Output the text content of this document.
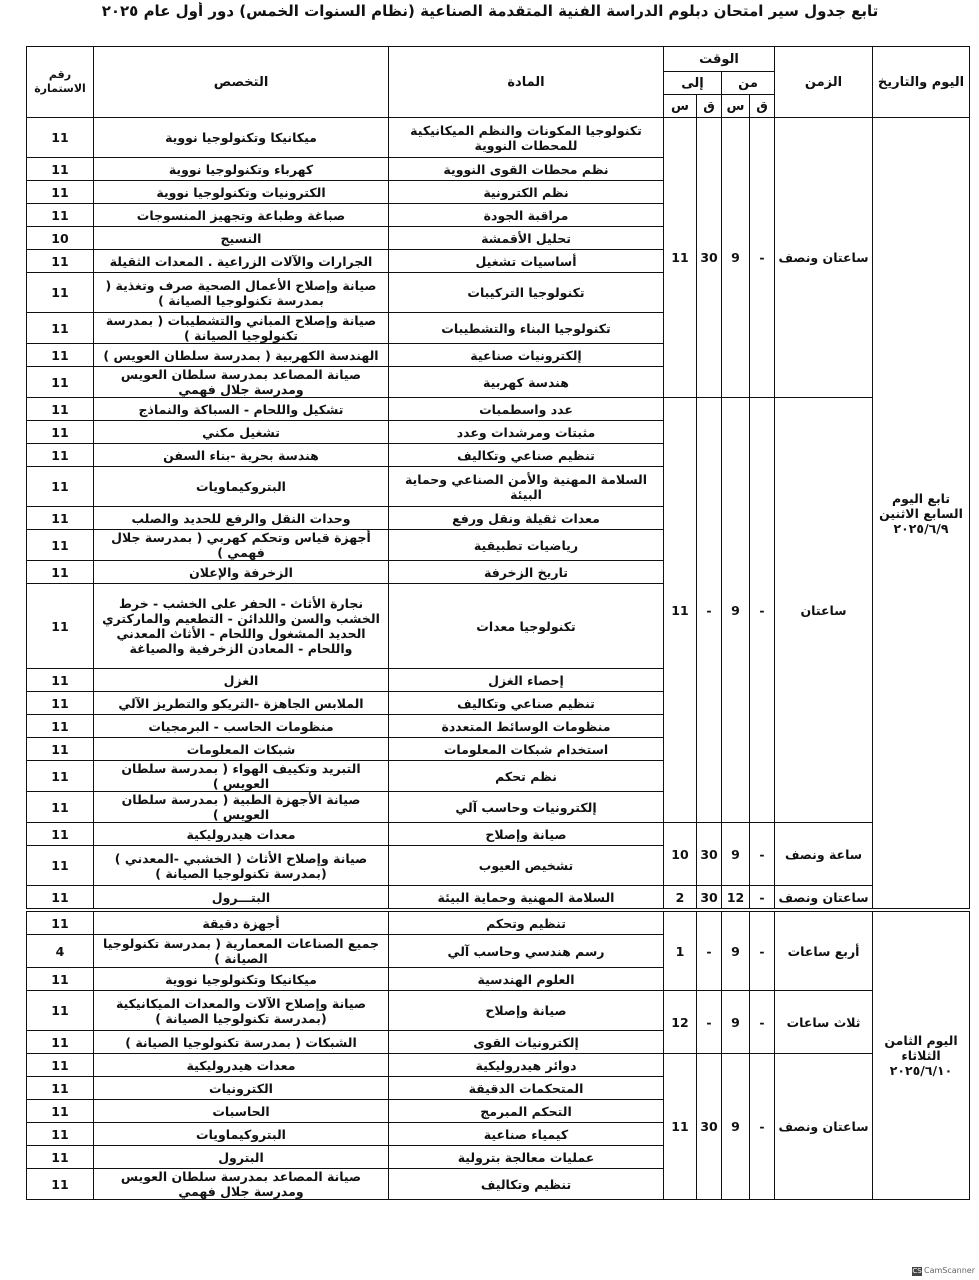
تابع جدول سير امتحان دبلوم الدراسة الفنية المتقدمة الصناعية (نظام السنوات الخمس) دور أول عام ٢٠٢٥
اليوم والتاريخ	الزمن	الوقت				المادة	التخصص	رقم الاستمارة
		من		إلى				
		ق	س	ق	س			
تابع اليوم السابع الاثنين ٢٠٢٥/٦/٩	ساعتان ونصف	-	9	30	11	تكنولوجيا المكونات والنظم الميكانيكية للمحطات النووية	ميكانيكا وتكنولوجيا نووية	11
						نظم محطات القوى النووية	كهرباء وتكنولوجيا نووية	11
						نظم الكترونية	الكترونيات وتكنولوجيا نووية	11
						مراقبة الجودة	صباغة وطباعة وتجهيز المنسوجات	11
						تحليل الأقمشة	النسيج	10
						أساسيات تشغيل	الجرارات والآلات الزراعية . المعدات الثقيلة	11
						تكنولوجيا التركيبات	صيانة وإصلاح الأعمال الصحية صرف وتغذية ( بمدرسة تكنولوجيا الصيانة )	11
						تكنولوجيا البناء والتشطيبات	صيانة وإصلاح المباني والتشطيبات ( بمدرسة تكنولوجيا الصيانة )	11
						إلكترونيات صناعية	الهندسة الكهربية ( بمدرسة سلطان العويس )	11
						هندسة كهربية	صيانة المصاعد بمدرسة سلطان العويس ومدرسة جلال فهمي	11
	ساعتان	-	9	-	11	عدد واسطمبات	تشكيل واللحام - السباكة والنماذج	11
						مثبتات ومرشدات وعدد	تشغيل مكني	11
						تنظيم صناعي وتكاليف	هندسة بحرية -بناء السفن	11
						السلامة المهنية والأمن الصناعي وحماية البيئة	البتروكيماويات	11
						معدات ثقيلة ونقل ورفع	وحدات النقل والرفع للحديد والصلب	11
						رياضيات تطبيقية	أجهزة قياس وتحكم كهربي ( بمدرسة جلال فهمي )	11
						تاريخ الزخرفة	الزخرفة والإعلان	11
						تكنولوجيا معدات	نجارة الأثاث - الحفر على الخشب - خرط الخشب والسن واللدائن - التطعيم والماركتري الحديد المشغول واللحام - الأثاث المعدني واللحام - المعادن الزخرفية والصياغة	11
						إحصاء الغزل	الغزل	11
						تنظيم صناعي وتكاليف	الملابس الجاهزة -التريكو والتطريز الآلي	11
						منظومات الوسائط المتعددة	منظومات الحاسب - البرمجيات	11
						استخدام شبكات المعلومات	شبكات المعلومات	11
						نظم تحكم	التبريد وتكييف الهواء ( بمدرسة سلطان العويس )	11
						إلكترونيات وحاسب آلي	صيانة الأجهزة الطبية ( بمدرسة سلطان العويس )	11
	ساعة ونصف	-	9	30	10	صيانة وإصلاح	معدات هيدروليكية	11
						تشخيص العيوب	صيانة وإصلاح الأثاث ( الخشبي -المعدني ) (بمدرسة تكنولوجيا الصيانة )	11
	ساعتان ونصف	-	12	30	2	السلامة المهنية وحماية البيئة	البتـــرول	11
اليوم الثامن الثلاثاء ٢٠٢٥/٦/١٠	أربع ساعات	-	9	-	1	تنظيم وتحكم	أجهزة دقيقة	11
						رسم هندسي وحاسب آلي	جميع الصناعات المعمارية ( بمدرسة تكنولوجيا الصيانة )	4
						العلوم الهندسية	ميكانيكا وتكنولوجيا نووية	11
	ثلاث ساعات	-	9	-	12	صيانة وإصلاح	صيانة وإصلاح الآلات والمعدات الميكانيكية (بمدرسة تكنولوجيا الصيانة )	11
						إلكترونيات القوى	الشبكات ( بمدرسة تكنولوجيا الصيانة )	11
	ساعتان ونصف	-	9	30	11	دوائر هيدروليكية	معدات هيدروليكية	11
						المتحكمات الدقيقة	الكترونيات	11
						التحكم المبرمج	الحاسبات	11
						كيمياء صناعية	البتروكيماويات	11
						عمليات معالجة بترولية	البترول	11
						تنظيم وتكاليف	صيانة المصاعد بمدرسة سلطان العويس ومدرسة جلال فهمي	11
CS CamScanner
